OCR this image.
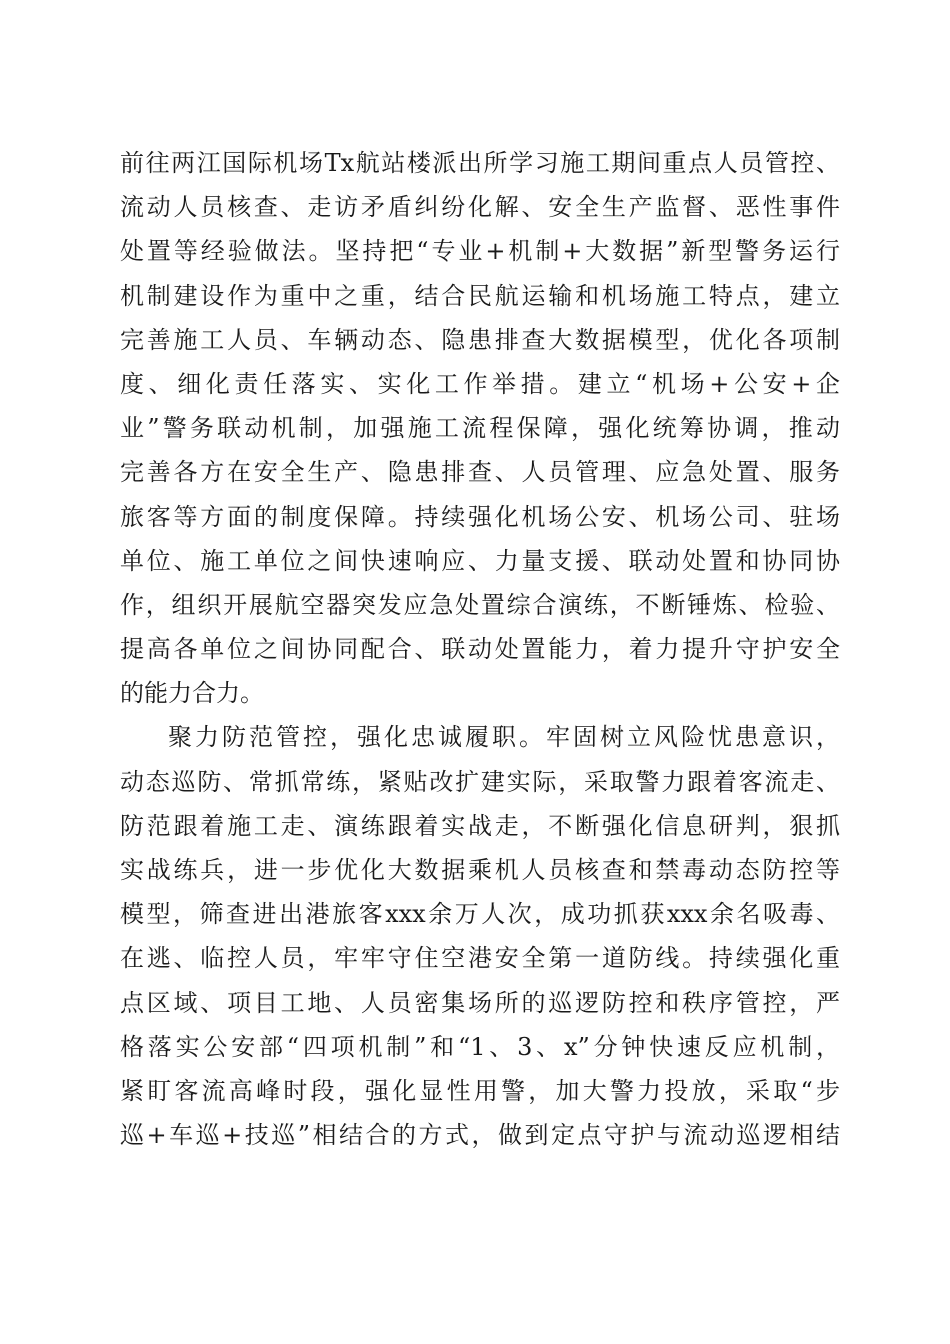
前往两江国际机场Tx航站楼派出所学习施工期间重点人员管控、
流动人员核查、走访矛盾纠纷化解、安全生产监督、恶性事件
处置等经验做法。坚持把“专业+机制+大数据”新型警务运行
机制建设作为重中之重，结合民航运输和机场施工特点，建立
完善施工人员、车辆动态、隐患排查大数据模型，优化各项制
度、细化责任落实、实化工作举措。建立“机场+公安+企
业”警务联动机制，加强施工流程保障，强化统筹协调，推动
完善各方在安全生产、隐患排查、人员管理、应急处置、服务
旅客等方面的制度保障。持续强化机场公安、机场公司、驻场
单位、施工单位之间快速响应、力量支援、联动处置和协同协
作，组织开展航空器突发应急处置综合演练，不断锤炼、检验、
提高各单位之间协同配合、联动处置能力，着力提升守护安全
的能力合力。
聚力防范管控，强化忠诚履职。牢固树立风险忧患意识，
动态巡防、常抓常练，紧贴改扩建实际，采取警力跟着客流走、
防范跟着施工走、演练跟着实战走，不断强化信息研判，狠抓
实战练兵，进一步优化大数据乘机人员核查和禁毒动态防控等
模型，筛查进出港旅客xxx余万人次，成功抓获xxx余名吸毒、
在逃、临控人员，牢牢守住空港安全第一道防线。持续强化重
点区域、项目工地、人员密集场所的巡逻防控和秩序管控，严
格落实公安部“四项机制”和“1、3、x”分钟快速反应机制，
紧盯客流高峰时段，强化显性用警，加大警力投放，采取“步
巡+车巡+技巡”相结合的方式，做到定点守护与流动巡逻相结
